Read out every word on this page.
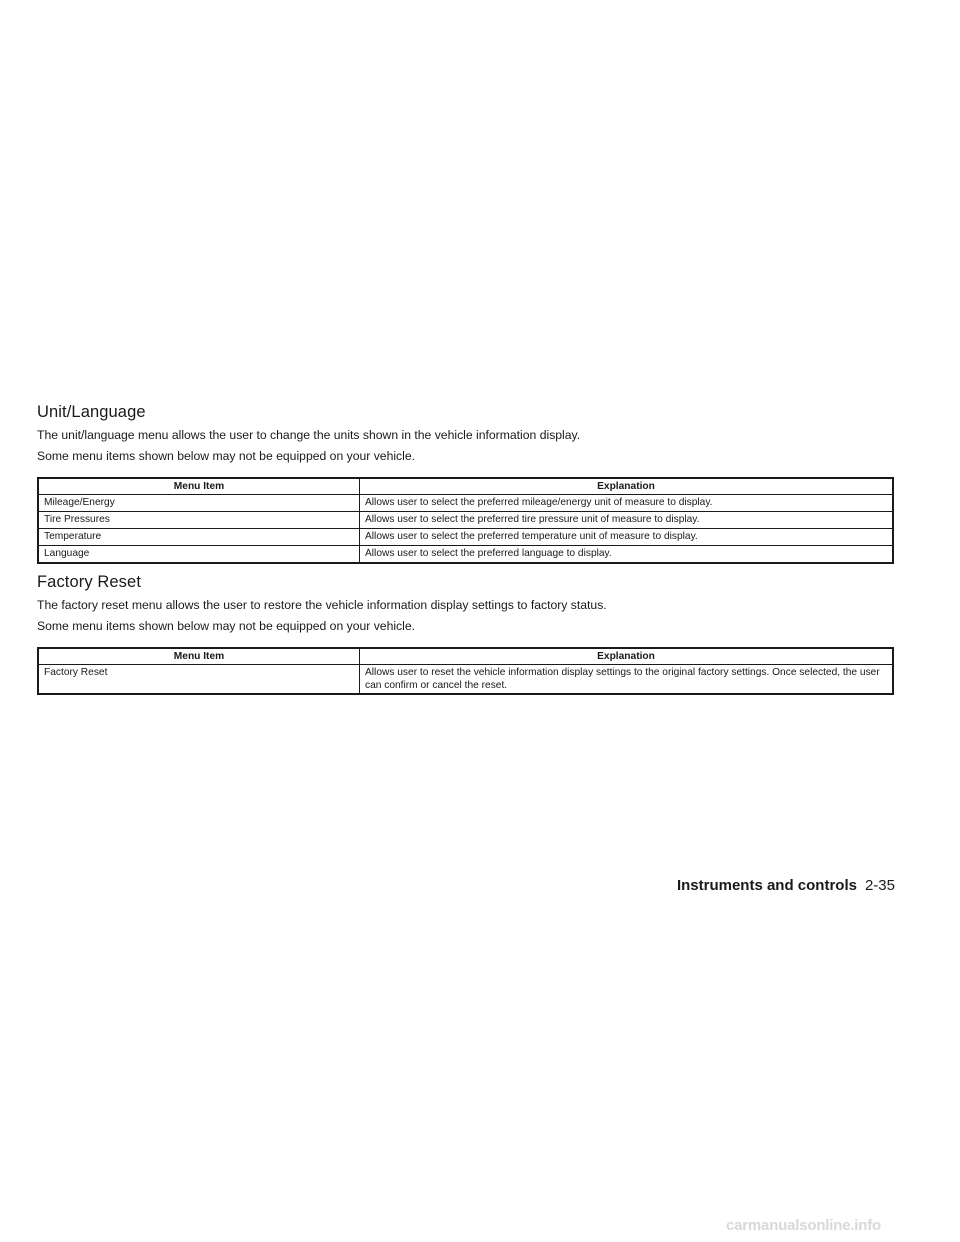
Unit/Language

The unit/language menu allows the user to change the units shown in the vehicle information display.

Some menu items shown below may not be equipped on your vehicle.

Menu Item	Explanation
Mileage/Energy	Allows user to select the preferred mileage/energy unit of measure to display.
Tire Pressures	Allows user to select the preferred tire pressure unit of measure to display.
Temperature	Allows user to select the preferred temperature unit of measure to display.
Language	Allows user to select the preferred language to display.
Factory Reset

The factory reset menu allows the user to restore the vehicle information display settings to factory status.

Some menu items shown below may not be equipped on your vehicle.

Menu Item	Explanation
Factory Reset	Allows user to reset the vehicle information display settings to the original factory settings. Once selected, the user can confirm or cancel the reset.
Instruments and controls 2-35
carmanualsonline.info
